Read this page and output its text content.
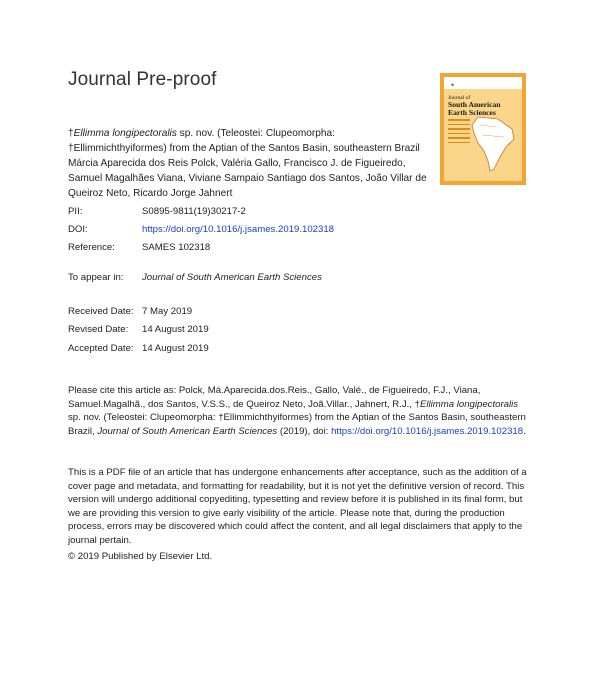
Journal Pre-proof	✦
Journal of
South American Earth Sciences
†Ellimma longipectoralis sp. nov. (Teleostei: Clupeomorpha: †Ellimmichthyiformes) from the Aptian of the Santos Basin, southeastern Brazil
Márcia Aparecida dos Reis Polck, Valéria Gallo, Francisco J. de Figueiredo, Samuel Magalhães Viana, Viviane Sampaio Santiago dos Santos, João Villar de Queiroz Neto, Ricardo Jorge Jahnert
PII:	S0895-9811(19)30217-2
DOI:	https://doi.org/10.1016/j.jsames.2019.102318
Reference:	SAMES 102318
To appear in: Journal of South American Earth Sciences
Received Date: 7 May 2019
Revised Date: 14 August 2019
Accepted Date: 14 August 2019
Please cite this article as: Polck, Má.Aparecida.dos.Reis., Gallo, Valé., de Figueiredo, F.J., Viana, Samuel.Magalhã., dos Santos, V.S.S., de Queiroz Neto, Joã.Villar., Jahnert, R.J., †Ellimma longipectoralis sp. nov. (Teleostei: Clupeomorpha: †Ellimmichthyiformes) from the Aptian of the Santos Basin, southeastern Brazil, Journal of South American Earth Sciences (2019), doi: https://doi.org/10.1016/j.jsames.2019.102318.
This is a PDF file of an article that has undergone enhancements after acceptance, such as the addition of a cover page and metadata, and formatting for readability, but it is not yet the definitive version of record. This version will undergo additional copyediting, typesetting and review before it is published in its final form, but we are providing this version to give early visibility of the article. Please note that, during the production process, errors may be discovered which could affect the content, and all legal disclaimers that apply to the journal pertain.
© 2019 Published by Elsevier Ltd.
